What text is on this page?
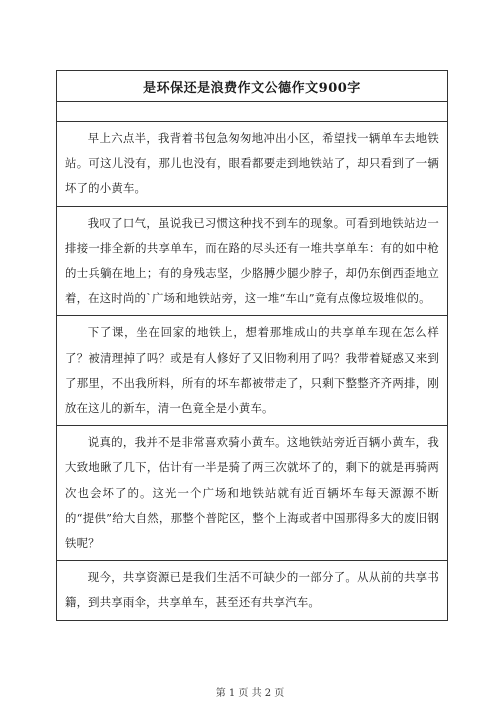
是环保还是浪费作文公德作文900字
早上六点半，我背着书包急匆匆地冲出小区，希望找一辆单车去地铁站。可这儿没有，那儿也没有，眼看都要走到地铁站了，却只看到了一辆坏了的小黄车。
我叹了口气，虽说我已习惯这种找不到车的现象。可看到地铁站边一排接一排全新的共享单车，而在路的尽头还有一堆共享单车：有的如中枪的士兵躺在地上；有的身残志坚，少胳膊少腿少脖子，却仍东倒西歪地立着，在这时尚的`广场和地铁站旁，这一堆“车山”竟有点像垃圾堆似的。
下了课，坐在回家的地铁上，想着那堆成山的共享单车现在怎么样了？被清理掉了吗？或是有人修好了又旧物利用了吗？我带着疑惑又来到了那里，不出我所料，所有的坏车都被带走了，只剩下整整齐齐两排，刚放在这儿的新车，清一色竟全是小黄车。
说真的，我并不是非常喜欢骑小黄车。这地铁站旁近百辆小黄车，我大致地瞅了几下，估计有一半是骑了两三次就坏了的，剩下的就是再骑两次也会坏了的。这光一个广场和地铁站就有近百辆坏车每天源源不断的“提供”给大自然，那整个普陀区，整个上海或者中国那得多大的废旧钢铁呢？
现今，共享资源已是我们生活不可缺少的一部分了。从从前的共享书籍，到共享雨伞，共享单车，甚至还有共享汽车。
第 1 页 共 2 页
